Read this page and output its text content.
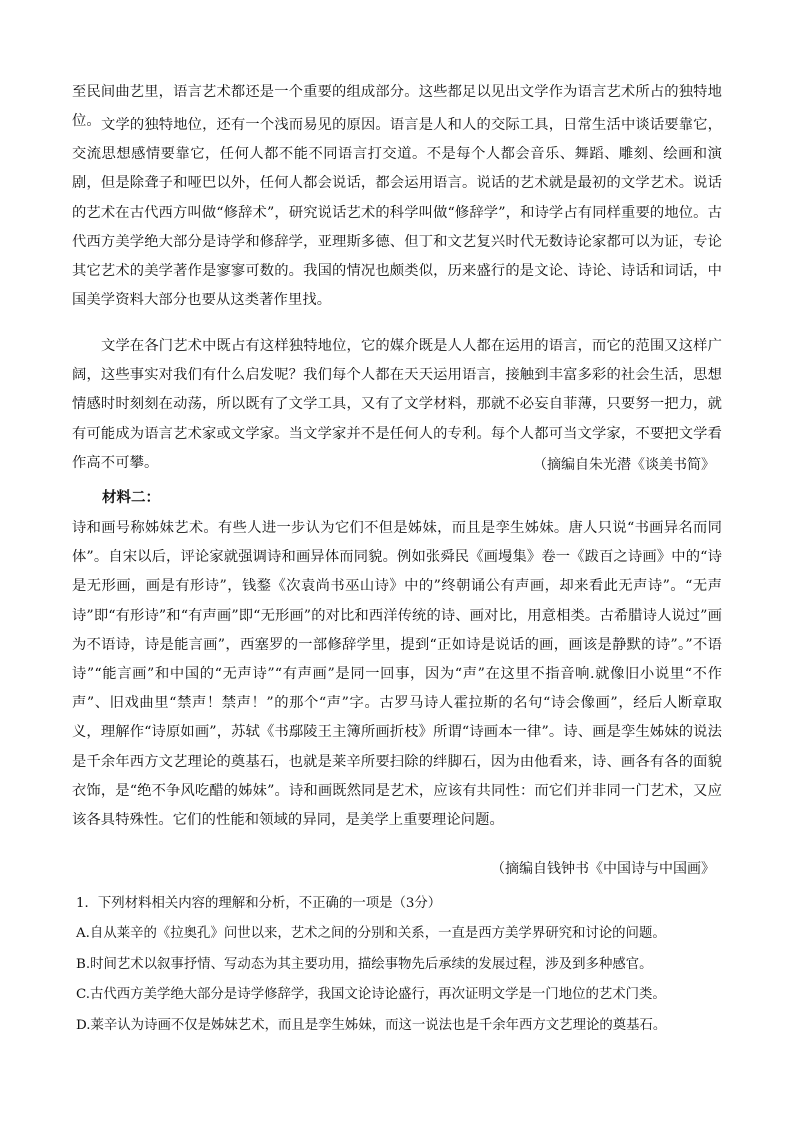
至民间曲艺里，语言艺术都还是一个重要的组成部分。这些都足以见出文学作为语言艺术所占的独特地位。 文学的独特地位，还有一个浅而易见的原因。语言是人和人的交际工具，日常生活中谈话要靠它，交流思想感情要靠它，任何人都不能不同语言打交道。不是每个人都会音乐、舞蹈、雕刻、绘画和演剧，但是除聋子和哑巴以外，任何人都会说话，都会运用语言。说话的艺术就是最初的文学艺术。说话的艺术在古代西方叫做“修辞术”，研究说话艺术的科学叫做“修辞学”，和诗学占有同样重要的地位。古代西方美学绝大部分是诗学和修辞学，亚理斯多德、但丁和文艺复兴时代无数诗论家都可以为证，专论其它艺术的美学著作是寥寥可数的。我国的情况也颇类似，历来盛行的是文论、诗论、诗话和词话，中国美学资料大部分也要从这类著作里找。

文学在各门艺术中既占有这样独特地位，它的媒介既是人人都在运用的语言，而它的范围又这样广阔，这些事实对我们有什么启发呢？我们每个人都在天天运用语言，接触到丰富多彩的社会生活，思想情感时时刻刻在动荡，所以既有了文学工具，又有了文学材料，那就不必妄自菲薄，只要努一把力，就有可能成为语言艺术家或文学家。当文学家并不是任何人的专利。每个人都可当文学家，不要把文学看作高不可攀。	（摘编自朱光潜《谈美书简》

材料二：

诗和画号称姊妹艺术。有些人进一步认为它们不但是姊妹，而且是孪生姊妹。唐人只说“书画异名而同体”。自宋以后，评论家就强调诗和画异体而同貌。例如张舜民《画墁集》卷一《跋百之诗画》中的“诗是无形画，画是有形诗”，钱鍪《次袁尚书巫山诗》中的”终朝诵公有声画，却来看此无声诗”。“无声诗”即“有形诗”和“有声画”即“无形画”的对比和西洋传统的诗、画对比，用意相类。古希腊诗人说过”画为不语诗，诗是能言画”，西塞罗的一部修辞学里，提到“正如诗是说话的画，画该是静默的诗”。”不语诗”“能言画”和中国的“无声诗”“有声画”是同一回事，因为“声”在这里不指音响.就像旧小说里“不作声”、旧戏曲里“禁声！禁声！”的那个“声”字。古罗马诗人霍拉斯的名句“诗会像画”，经后人断章取义，理解作“诗原如画”，苏轼《书鄢陵王主簿所画折枝》所谓“诗画本一律”。诗、画是孪生姊妹的说法是千余年西方文艺理论的奠基石，也就是莱辛所要扫除的绊脚石，因为由他看来，诗、画各有各的面貌衣饰，是“绝不争风吃醋的姊妹”。诗和画既然同是艺术，应该有共同性：而它们并非同一门艺术，又应该各具特殊性。它们的性能和领域的异同，是美学上重要理论问题。

（摘编自钱钟书《中国诗与中国画》

1．下列材料相关内容的理解和分析，不正确的一项是（3分）

A.自从莱辛的《拉奥孔》问世以来，艺术之间的分别和关系，一直是西方美学界研究和讨论的问题。

B.时间艺术以叙事抒情、写动态为其主要功用，描绘事物先后承续的发展过程，涉及到多种感官。

C.古代西方美学绝大部分是诗学修辞学，我国文论诗论盛行，再次证明文学是一门地位的艺术门类。

D.莱辛认为诗画不仅是姊妹艺术，而且是孪生姊妹，而这一说法也是千余年西方文艺理论的奠基石。
